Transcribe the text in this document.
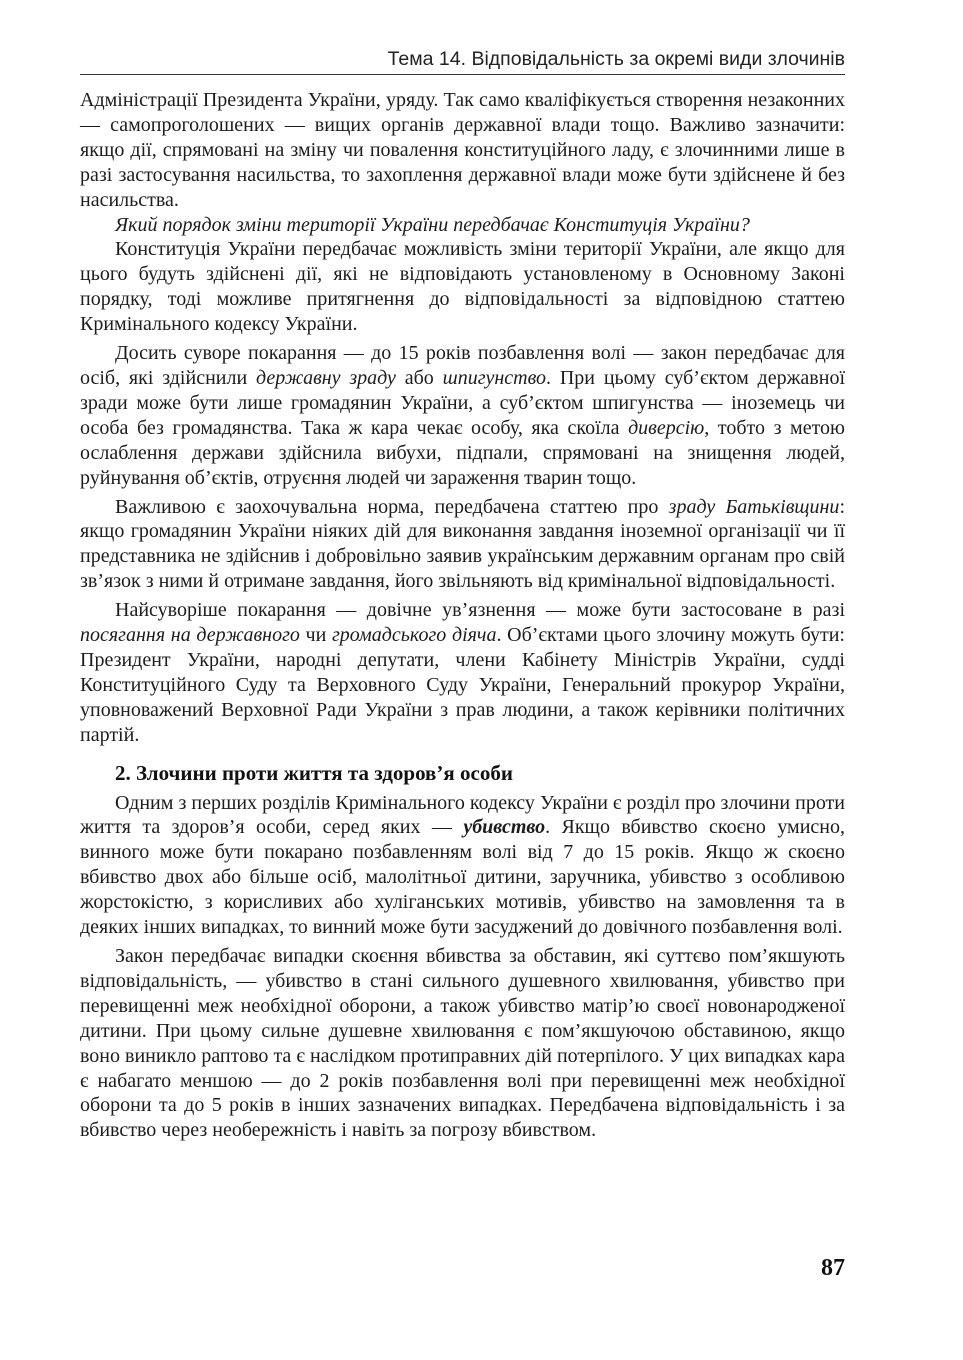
Тема 14. Відповідальність за окремі види злочинів

Адміністрації Президента України, уряду. Так само кваліфікується створення незаконних — самопроголошених — вищих органів державної влади тощо. Важливо зазначити: якщо дії, спрямовані на зміну чи повалення конституційного ладу, є злочинними лише в разі застосування насильства, то захоплення державної влади може бути здійснене й без насильства.

Який порядок зміни території України передбачає Конституція України?

Конституція України передбачає можливість зміни території України, але якщо для цього будуть здійснені дії, які не відповідають установленому в Основному Законі порядку, тоді можливе притягнення до відповідальності за відповідною статтею Кримінального кодексу України.

Досить суворе покарання — до 15 років позбавлення волі — закон передбачає для осіб, які здійснили державну зраду або шпигунство. При цьому суб’єктом державної зради може бути лише громадянин України, а суб’єктом шпигунства — іноземець чи особа без громадянства. Така ж кара чекає особу, яка скоїла диверсію, тобто з метою ослаблення держави здійснила вибухи, підпали, спрямовані на знищення людей, руйнування об’єктів, отруєння людей чи зараження тварин тощо.

Важливою є заохочувальна норма, передбачена статтею про зраду Батьківщини: якщо громадянин України ніяких дій для виконання завдання іноземної організації чи її представника не здійснив і добровільно заявив українським державним органам про свій зв’язок з ними й отримане завдання, його звільняють від кримінальної відповідальності.

Найсуворіше покарання — довічне ув’язнення — може бути застосоване в разі посягання на державного чи громадського діяча. Об’єктами цього злочину можуть бути: Президент України, народні депутати, члени Кабінету Міністрів України, судді Конституційного Суду та Верховного Суду України, Генеральний прокурор України, уповноважений Верховної Ради України з прав людини, а також керівники політичних партій.

2. Злочини проти життя та здоров’я особи

Одним з перших розділів Кримінального кодексу України є розділ про злочини проти життя та здоров’я особи, серед яких — убивство. Якщо вбивство скоєно умисно, винного може бути покарано позбавленням волі від 7 до 15 років. Якщо ж скоєно вбивство двох або більше осіб, малолітньої дитини, заручника, убивство з особливою жорстокістю, з корисливих або хуліганських мотивів, убивство на замовлення та в деяких інших випадках, то винний може бути засуджений до довічного позбавлення волі.

Закон передбачає випадки скоєння вбивства за обставин, які суттєво пом’якшують відповідальність, — убивство в стані сильного душевного хвилювання, убивство при перевищенні меж необхідної оборони, а також убивство матір’ю своєї новонародженої дитини. При цьому сильне душевне хвилювання є пом’якшуючою обставиною, якщо воно виникло раптово та є наслідком протиправних дій потерпілого. У цих випадках кара є набагато меншою — до 2 років позбавлення волі при перевищенні меж необхідної оборони та до 5 років в інших зазначених випадках. Передбачена відповідальність і за вбивство через необережність і навіть за погрозу вбивством.

87
